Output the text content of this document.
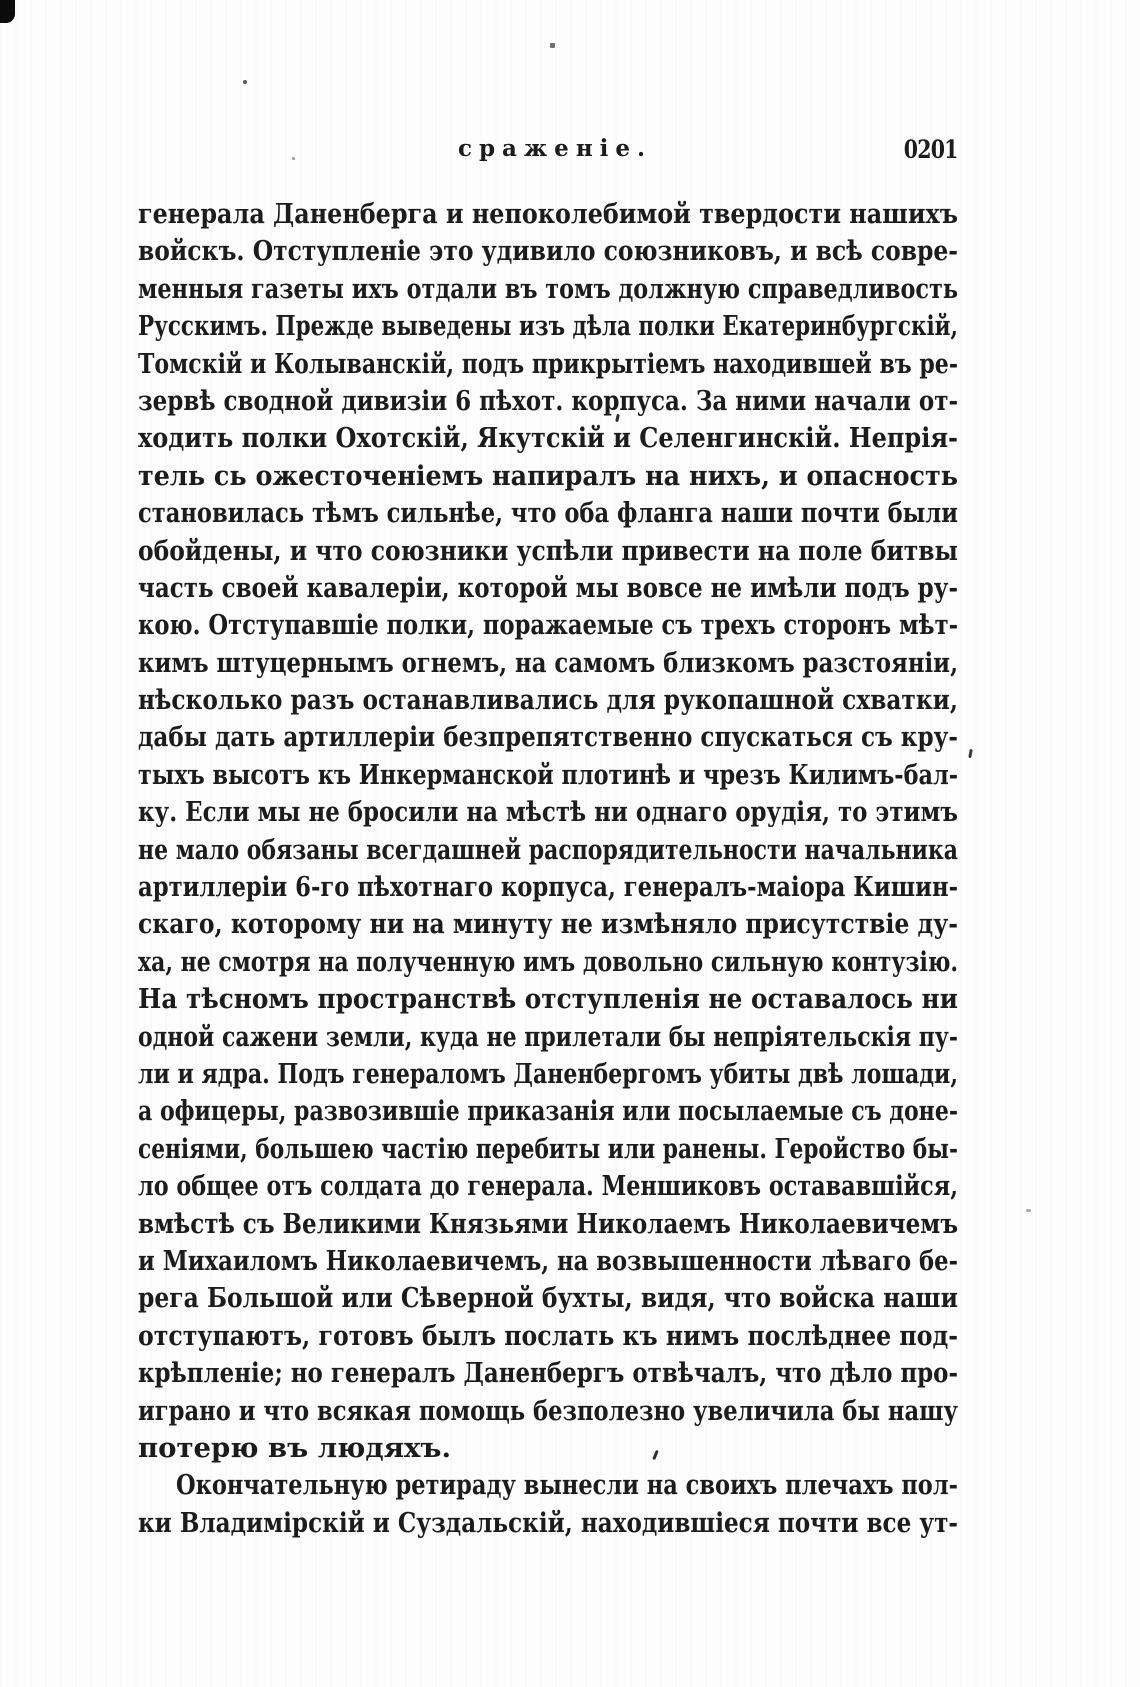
сраженіе.	0201
генерала Даненберга и непоколебимой твердости нашихъ
войскъ. Отступленіе это удивило союзниковъ, и всѣ совре-
менныя газеты ихъ отдали въ томъ должную справедливость
Русскимъ. Прежде выведены изъ дѣла полки Екатеринбургскій,
Томскій и Колыванскій, подъ прикрытіемъ находившей въ ре-
зервѣ сводной дивизіи 6 пѣхот. корпуса. За ними начали от-
ходить полки Охотскій, Якутскій и Селенгинскій. Непрія-
тель сь ожесточеніемъ напиралъ на нихъ, и опасность
становилась тѣмъ сильнѣе, что оба фланга наши почти были
обойдены, и что союзники успѣли привести на поле битвы
часть своей кавалеріи, которой мы вовсе не имѣли подъ ру-
кою. Отступавшіе полки, поражаемые съ трехъ сторонъ мѣт-
кимъ штуцернымъ огнемъ, на самомъ близкомъ разстояніи,
нѣсколько разъ останавливались для рукопашной схватки,
дабы дать артиллеріи безпрепятственно спускаться съ кру-
тыхъ высотъ къ Инкерманской плотинѣ и чрезъ Килимъ-бал-
ку. Если мы не бросили на мѣстѣ ни однаго орудія, то этимъ
не мало обязаны всегдашней распорядительности начальника
артиллеріи 6-го пѣхотнаго корпуса, генералъ-маіора Кишин-
скаго, которому ни на минуту не измѣняло присутствіе ду-
ха, не смотря на полученную имъ довольно сильную контузію.
На тѣсномъ пространствѣ отступленія не оставалось ни
одной сажени земли, куда не прилетали бы непріятельскія пу-
ли и ядра. Подъ генераломъ Даненбергомъ убиты двѣ лошади,
а офицеры, развозившіе приказанія или посылаемые съ доне-
сеніями, большею частію перебиты или ранены. Геройство бы-
ло общее отъ солдата до генерала. Меншиковъ остававшійся,
вмѣстѣ съ Великими Князьями Николаемъ Николаевичемъ
и Михаиломъ Николаевичемъ, на возвышенности лѣваго бе-
рега Большой или Сѣверной бухты, видя, что войска наши
отступаютъ, готовъ былъ послать къ нимъ послѣднее под-
крѣпленіе; но генералъ Даненбергъ отвѣчалъ, что дѣло про-
играно и что всякая помощь безполезно увеличила бы нашу
потерю въ людяхъ.
Окончательную ретираду вынесли на своихъ плечахъ пол-
ки Владимірскій и Суздальскій, находившіеся почти все ут-
